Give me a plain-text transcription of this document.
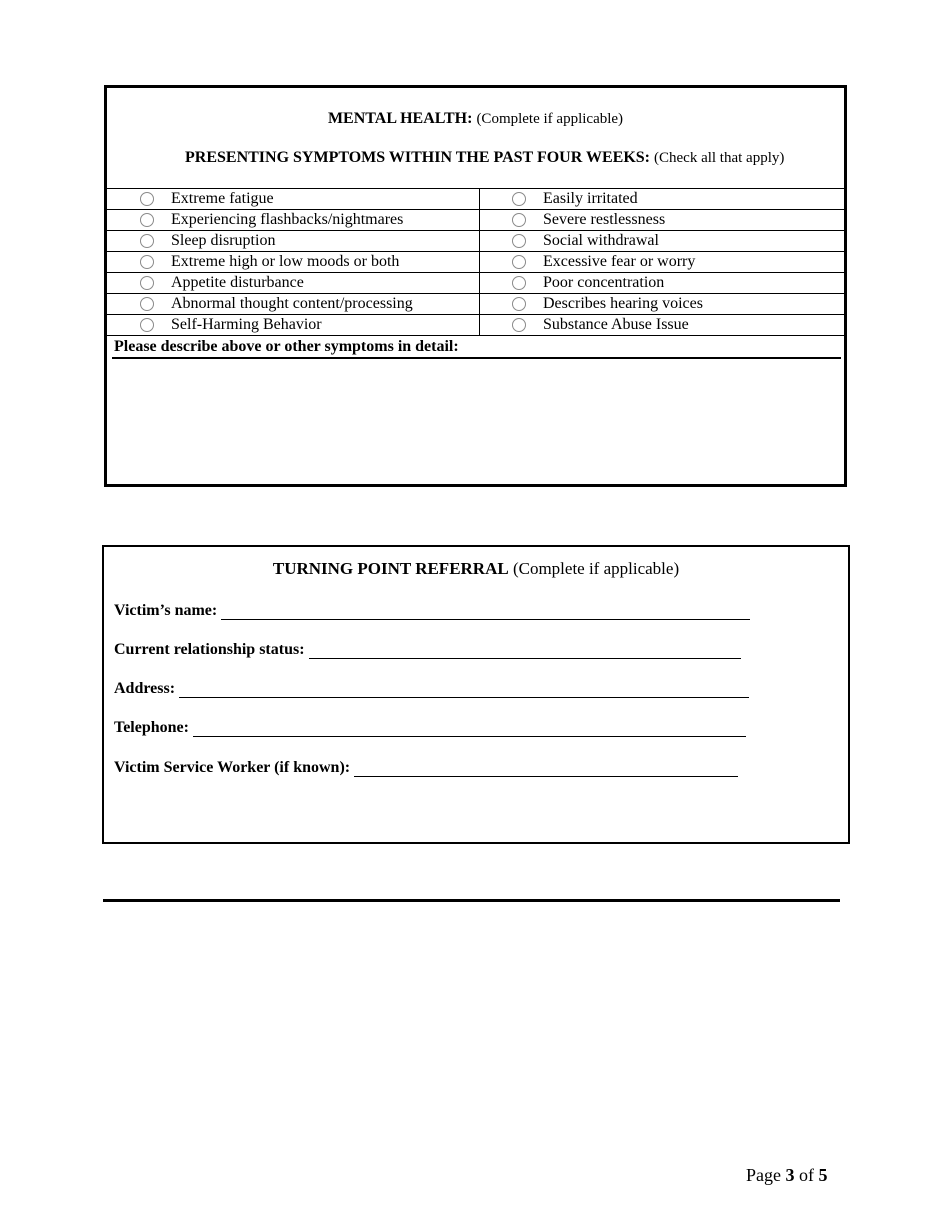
MENTAL HEALTH: (Complete if applicable)
PRESENTING SYMPTOMS WITHIN THE PAST FOUR WEEKS: (Check all that apply)
Extreme fatigue	Easily irritated

Experiencing flashbacks/nightmares	Severe restlessness

Sleep disruption	Social withdrawal

Extreme high or low moods or both	Excessive fear or worry

Appetite disturbance	Poor concentration

Abnormal thought content/processing	Describes hearing voices

Self-Harming Behavior	Substance Abuse Issue
Please describe above or other symptoms in detail:
TURNING POINT REFERRAL (Complete if applicable)
Victim’s name:
Current relationship status:
Address:
Telephone:
Victim Service Worker (if known):
Page 3 of 5
